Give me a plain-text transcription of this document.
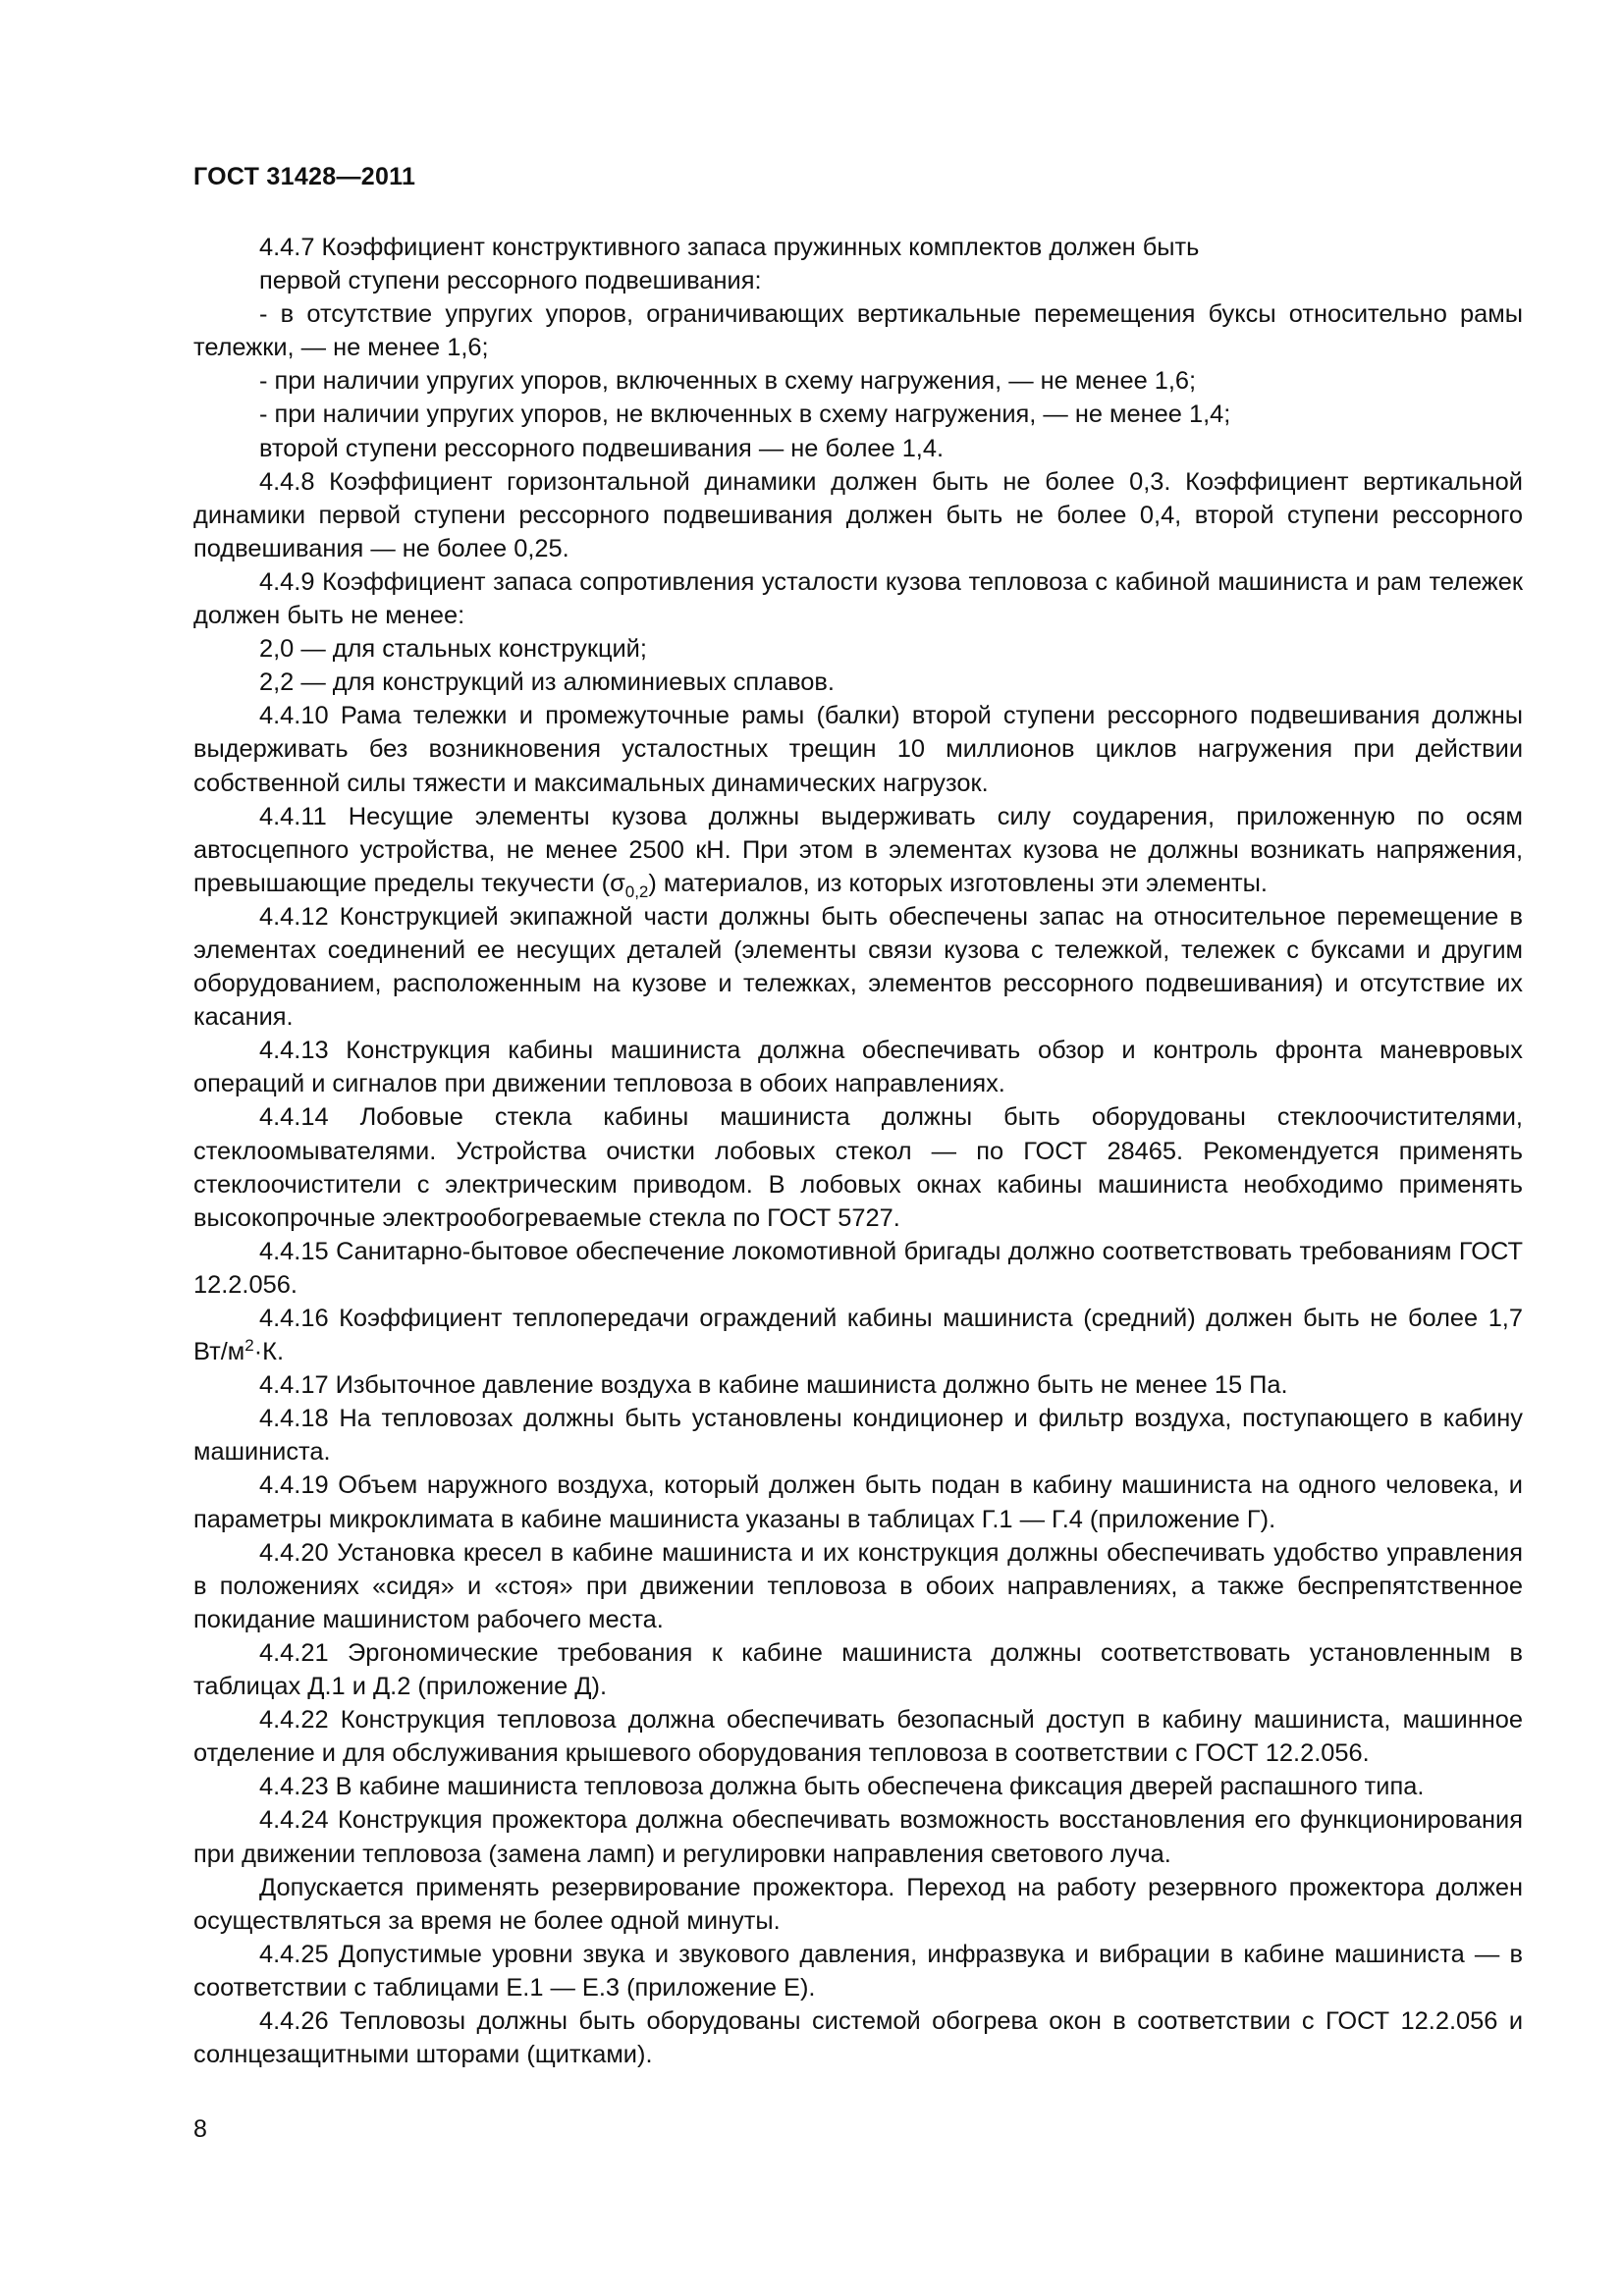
ГОСТ 31428—2011

4.4.7 Коэффициент конструктивного запаса пружинных комплектов должен быть

первой ступени рессорного подвешивания:

- в отсутствие упругих упоров, ограничивающих вертикальные перемещения буксы относительно рамы тележки, — не менее 1,6;

- при наличии упругих упоров, включенных в схему нагружения, — не менее 1,6;

- при наличии упругих упоров, не включенных в схему нагружения, — не менее 1,4;

второй ступени рессорного подвешивания — не более 1,4.

4.4.8 Коэффициент горизонтальной динамики должен быть не более 0,3. Коэффициент вертикальной динамики первой ступени рессорного подвешивания должен быть не более 0,4, второй ступени рессорного подвешивания — не более 0,25.

4.4.9 Коэффициент запаса сопротивления усталости кузова тепловоза с кабиной машиниста и рам тележек должен быть не менее:

2,0 — для стальных конструкций;

2,2 — для конструкций из алюминиевых сплавов.

4.4.10 Рама тележки и промежуточные рамы (балки) второй ступени рессорного подвешивания должны выдерживать без возникновения усталостных трещин 10 миллионов циклов нагружения при действии собственной силы тяжести и максимальных динамических нагрузок.

4.4.11 Несущие элементы кузова должны выдерживать силу соударения, приложенную по осям автосцепного устройства, не менее 2500 кН. При этом в элементах кузова не должны возникать напряжения, превышающие пределы текучести $(\sigma_{0,2})$ материалов, из которых изготовлены эти элементы.

4.4.12 Конструкцией экипажной части должны быть обеспечены запас на относительное перемещение в элементах соединений ее несущих деталей (элементы связи кузова с тележкой, тележек с буксами и другим оборудованием, расположенным на кузове и тележках, элементов рессорного подвешивания) и отсутствие их касания.

4.4.13 Конструкция кабины машиниста должна обеспечивать обзор и контроль фронта маневровых операций и сигналов при движении тепловоза в обоих направлениях.

4.4.14 Лобовые стекла кабины машиниста должны быть оборудованы стеклоочистителями, стеклоомывателями. Устройства очистки лобовых стекол — по ГОСТ 28465. Рекомендуется применять стеклоочистители с электрическим приводом. В лобовых окнах кабины машиниста необходимо применять высокопрочные электрообогреваемые стекла по ГОСТ 5727.

4.4.15 Санитарно-бытовое обеспечение локомотивной бригады должно соответствовать требованиям ГОСТ 12.2.056.

4.4.16 Коэффициент теплопередачи ограждений кабины машиниста (средний) должен быть не более 1,7 $Вт/м^2\cdot К$.

4.4.17 Избыточное давление воздуха в кабине машиниста должно быть не менее 15 Па.

4.4.18 На тепловозах должны быть установлены кондиционер и фильтр воздуха, поступающего в кабину машиниста.

4.4.19 Объем наружного воздуха, который должен быть подан в кабину машиниста на одного человека, и параметры микроклимата в кабине машиниста указаны в таблицах Г.1 — Г.4 (приложение Г).

4.4.20 Установка кресел в кабине машиниста и их конструкция должны обеспечивать удобство управления в положениях «сидя» и «стоя» при движении тепловоза в обоих направлениях, а также беспрепятственное покидание машинистом рабочего места.

4.4.21 Эргономические требования к кабине машиниста должны соответствовать установленным в таблицах Д.1 и Д.2 (приложение Д).

4.4.22 Конструкция тепловоза должна обеспечивать безопасный доступ в кабину машиниста, машинное отделение и для обслуживания крышевого оборудования тепловоза в соответствии с ГОСТ 12.2.056.

4.4.23 В кабине машиниста тепловоза должна быть обеспечена фиксация дверей распашного типа.

4.4.24 Конструкция прожектора должна обеспечивать возможность восстановления его функционирования при движении тепловоза (замена ламп) и регулировки направления светового луча.

Допускается применять резервирование прожектора. Переход на работу резервного прожектора должен осуществляться за время не более одной минуты.

4.4.25 Допустимые уровни звука и звукового давления, инфразвука и вибрации в кабине машиниста — в соответствии с таблицами Е.1 — Е.3 (приложение Е).

4.4.26 Тепловозы должны быть оборудованы системой обогрева окон в соответствии с ГОСТ 12.2.056 и солнцезащитными шторами (щитками).

8
